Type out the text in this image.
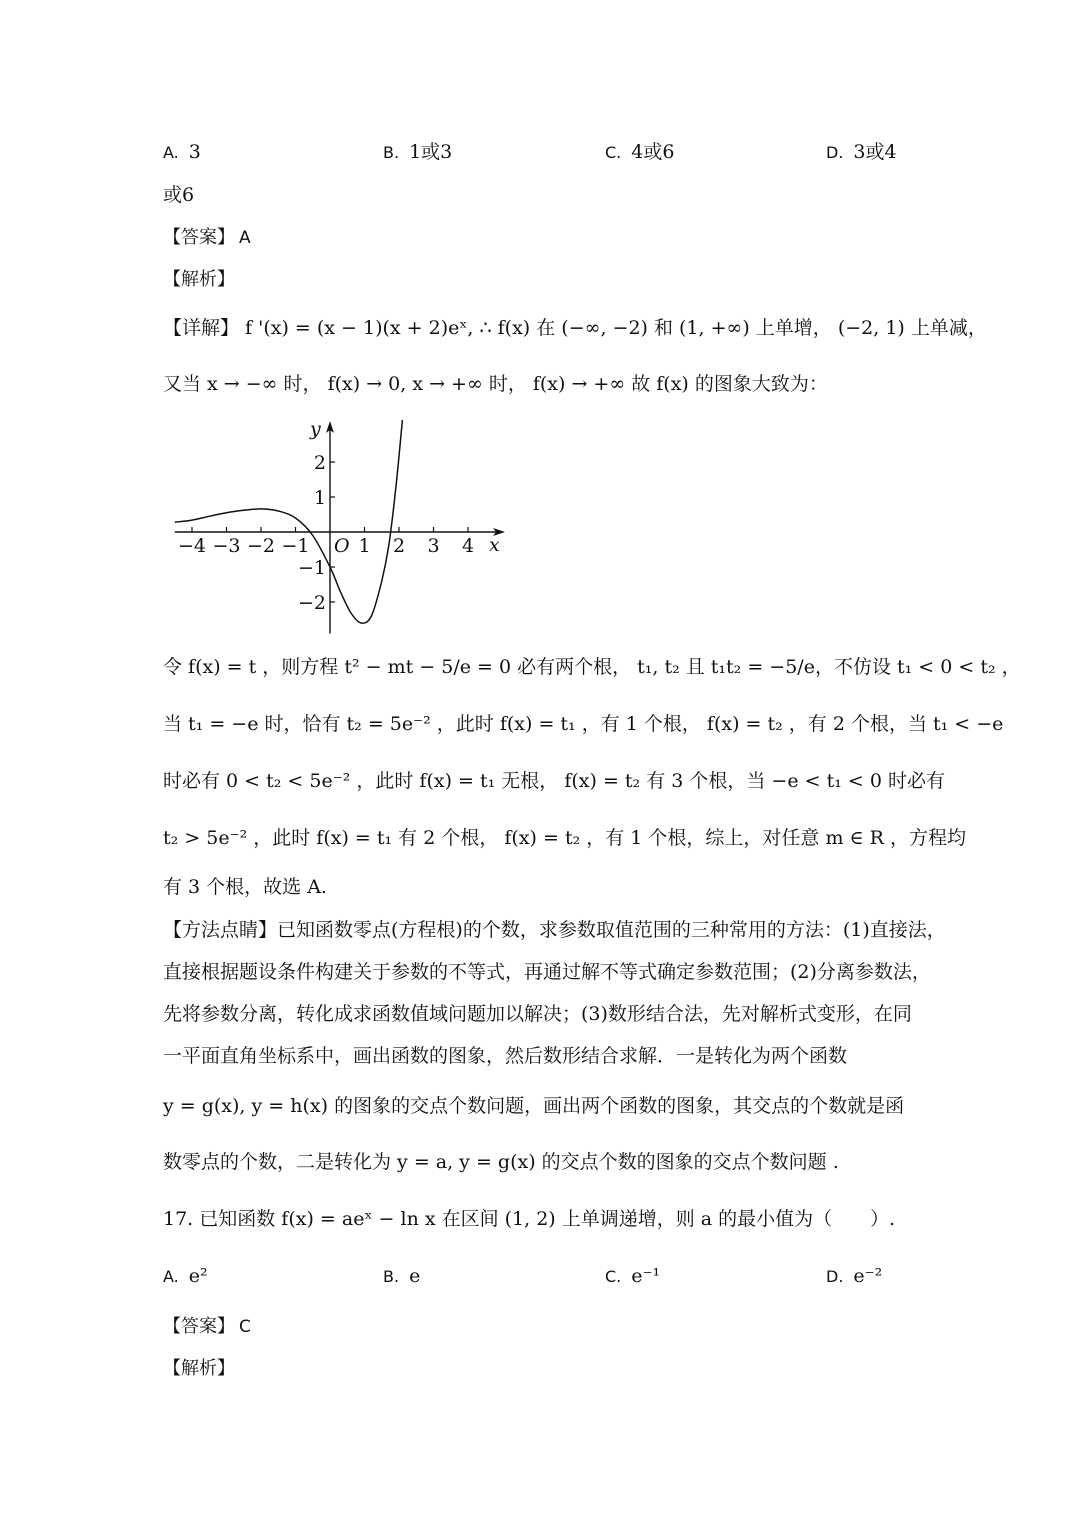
A. 3	B. 1或3	C. 4或6	D. 3或4
或6
【答案】 A
【解析】
【详解】 f '(x) = (x − 1)(x + 2)eˣ, ∴ f(x) 在 (−∞, −2) 和 (1, +∞) 上单增， (−2, 1) 上单减，
又当 x → −∞ 时， f(x) → 0, x → +∞ 时， f(x) → +∞ 故 f(x) 的图象大致为：
x
y
O
−4 −3 −2 −1	1 2 3 4
2
1
−1
−2
令 f(x) = t ，则方程 t² − mt − 5/e = 0 必有两个根， t₁, t₂ 且 t₁t₂ = −5/e，不仿设 t₁ < 0 < t₂ ，
当 t₁ = −e 时，恰有 t₂ = 5e⁻² ，此时 f(x) = t₁ ，有 1 个根， f(x) = t₂ ，有 2 个根，当 t₁ < −e
时必有 0 < t₂ < 5e⁻² ，此时 f(x) = t₁ 无根， f(x) = t₂ 有 3 个根，当 −e < t₁ < 0 时必有
t₂ > 5e⁻² ，此时 f(x) = t₁ 有 2 个根， f(x) = t₂ ，有 1 个根，综上，对任意 m ∈ R ，方程均
有 3 个根，故选 A.
【方法点睛】已知函数零点(方程根)的个数，求参数取值范围的三种常用的方法：(1)直接法，
直接根据题设条件构建关于参数的不等式，再通过解不等式确定参数范围；(2)分离参数法，
先将参数分离，转化成求函数值域问题加以解决；(3)数形结合法，先对解析式变形，在同
一平面直角坐标系中，画出函数的图象，然后数形结合求解．一是转化为两个函数
y = g(x), y = h(x) 的图象的交点个数问题，画出两个函数的图象，其交点的个数就是函
数零点的个数，二是转化为 y = a, y = g(x) 的交点个数的图象的交点个数问题 .
17. 已知函数 f(x) = aeˣ − ln x 在区间 (1, 2) 上单调递增，则 a 的最小值为（　　）.
A. e²	B. e	C. e⁻¹	D. e⁻²
【答案】 C
【解析】
